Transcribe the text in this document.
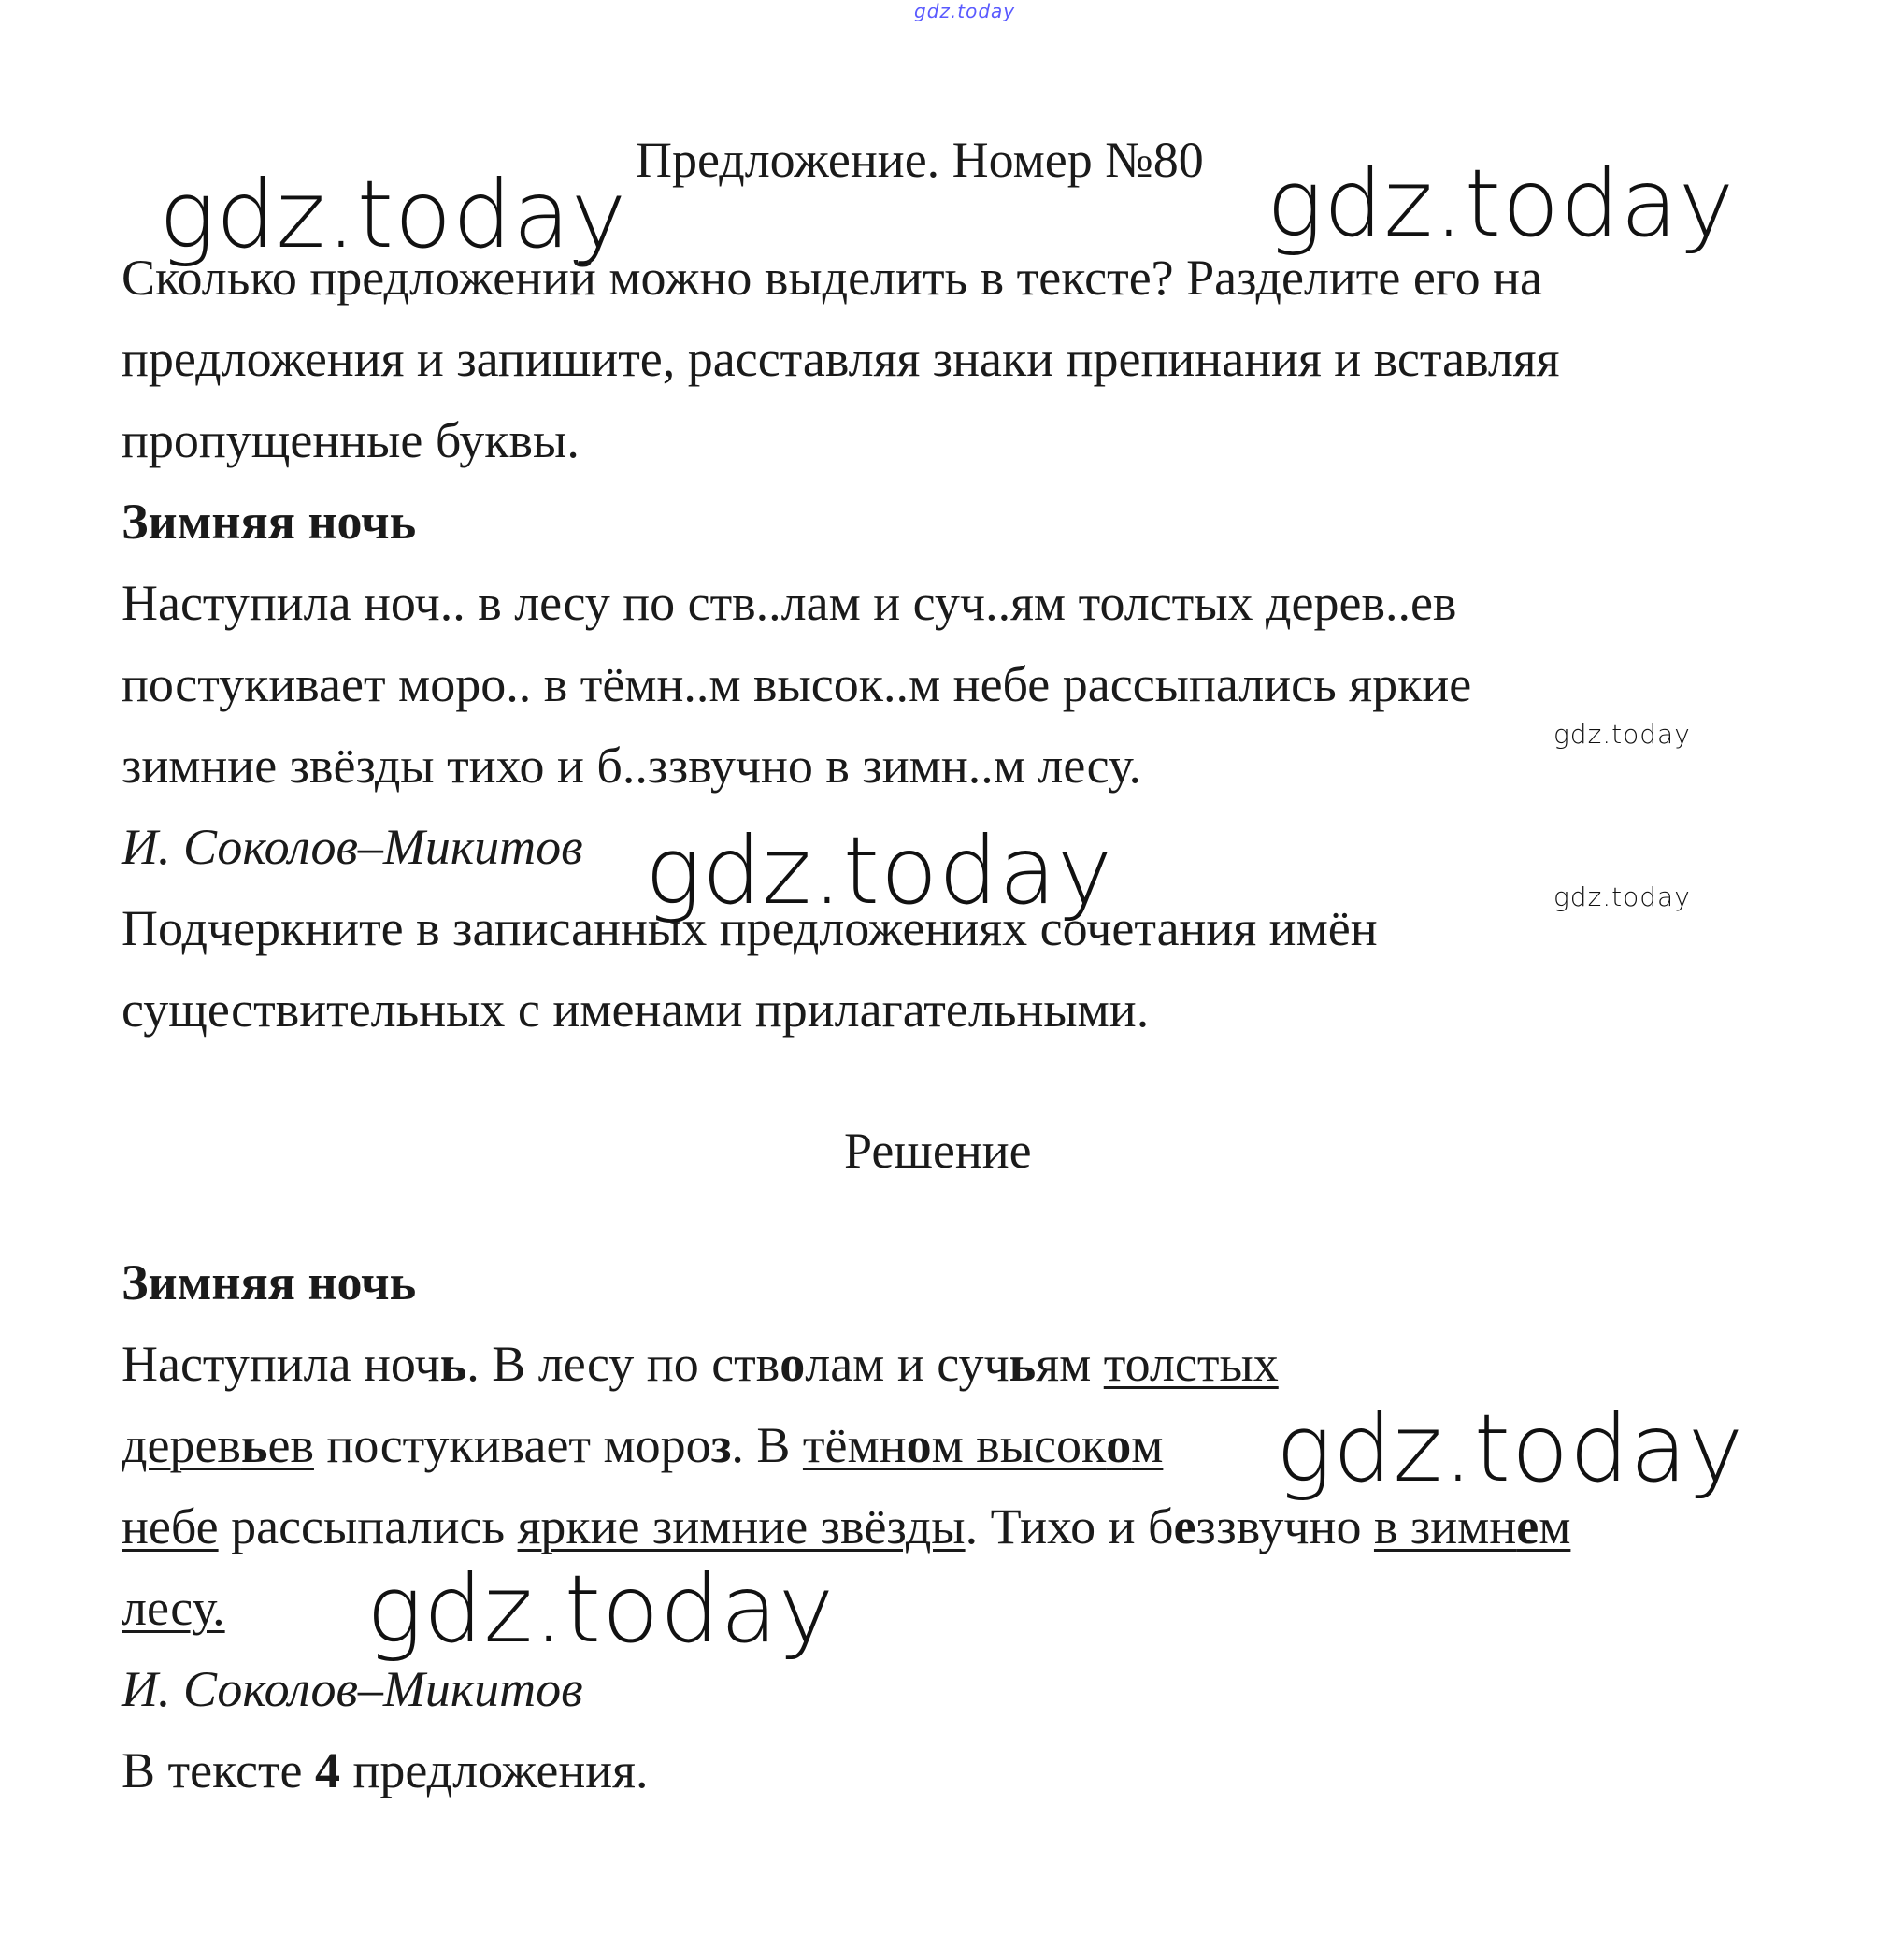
gdz.today
Предложение. Номер №80
gdz.today	gdz.today
Сколько предложений можно выделить в тексте? Разделите его на
предложения и запишите, расставляя знаки препинания и вставляя
пропущенные буквы.
Зимняя ночь
Наступила ноч.. в лесу по ств..лам и суч..ям толстых дерев..ев
постукивает моро.. в тёмн..м высок..м небе рассыпались яркие
gdz.today
зимние звёзды тихо и б..ззвучно в зимн..м лесу.
И. Соколов–Микитов gdz.today	gdz.today
Подчеркните в записанных предложениях сочетания имён
существительных с именами прилагательными.
Решение
Зимняя ночь
Наступила ночь. В лесу по стволам и сучьям толстых
деревьев постукивает мороз. В тёмном высоком gdz.today
небе рассыпались яркие зимние звёзды. Тихо и беззвучно в зимнем
лесу. gdz.today
И. Соколов–Микитов
В тексте 4 предложения.
